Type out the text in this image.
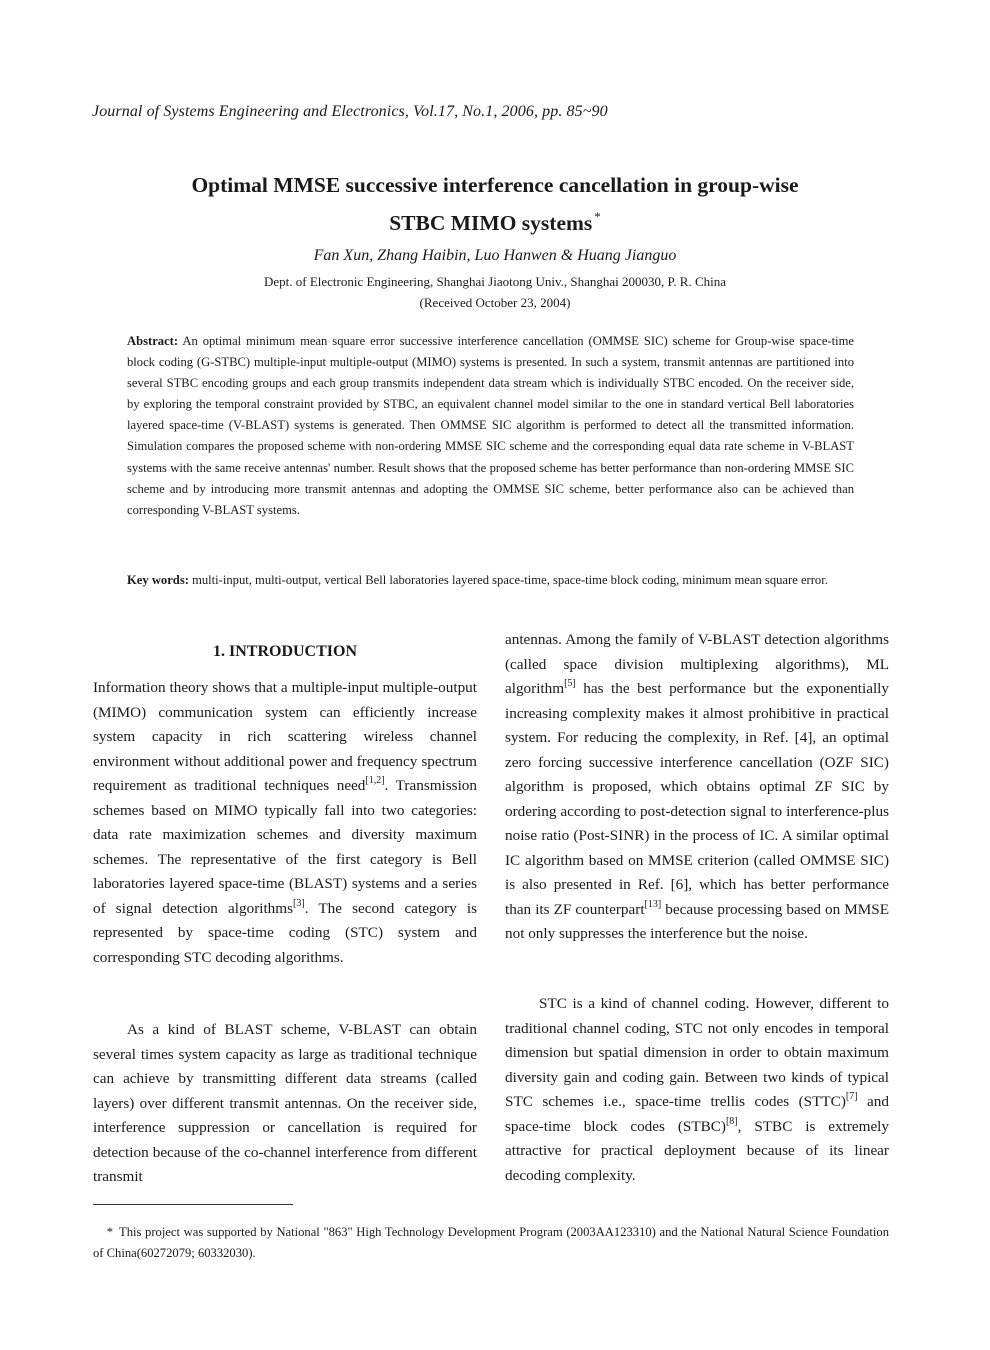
Journal of Systems Engineering and Electronics, Vol.17, No.1, 2006, pp. 85~90
Optimal MMSE successive interference cancellation in group-wise
STBC MIMO systems *
Fan Xun, Zhang Haibin, Luo Hanwen & Huang Jianguo
Dept. of Electronic Engineering, Shanghai Jiaotong Univ., Shanghai 200030, P. R. China
(Received October 23, 2004)

Abstract: An optimal minimum mean square error successive interference cancellation (OMMSE SIC) scheme for Group-wise space-time block coding (G-STBC) multiple-input multiple-output (MIMO) systems is presented. In such a system, transmit antennas are partitioned into several STBC encoding groups and each group transmits independent data stream which is individually STBC encoded. On the receiver side, by exploring the temporal constraint provided by STBC, an equivalent channel model similar to the one in standard vertical Bell laboratories layered space-time (V-BLAST) systems is generated. Then OMMSE SIC algorithm is performed to detect all the transmitted information. Simulation compares the proposed scheme with non-ordering MMSE SIC scheme and the corresponding equal data rate scheme in V-BLAST systems with the same receive antennas' number. Result shows that the proposed scheme has better performance than non-ordering MMSE SIC scheme and by introducing more transmit antennas and adopting the OMMSE SIC scheme, better performance also can be achieved than corresponding V-BLAST systems.

Key words: multi-input, multi-output, vertical Bell laboratories layered space-time, space-time block coding, minimum mean square error.

1. INTRODUCTION

Information theory shows that a multiple-input multiple-output (MIMO) communication system can efficiently increase system capacity in rich scattering wireless channel environment without additional power and frequency spectrum requirement as traditional techniques need[1,2]. Transmission schemes based on MIMO typically fall into two categories: data rate maximization schemes and diversity maximum schemes. The representative of the first category is Bell laboratories layered space-time (BLAST) systems and a series of signal detection algorithms[3]. The second category is represented by space-time coding (STC) system and corresponding STC decoding algorithms.

As a kind of BLAST scheme, V-BLAST can obtain several times system capacity as large as traditional technique can achieve by transmitting different data streams (called layers) over different transmit antennas. On the receiver side, interference suppression or cancellation is required for detection because of the co-channel interference from different transmit

antennas. Among the family of V-BLAST detection algorithms (called space division multiplexing algorithms), ML algorithm[5] has the best performance but the exponentially increasing complexity makes it almost prohibitive in practical system. For reducing the complexity, in Ref. [4], an optimal zero forcing successive interference cancellation (OZF SIC) algorithm is proposed, which obtains optimal ZF SIC by ordering according to post-detection signal to interference-plus noise ratio (Post-SINR) in the process of IC. A similar optimal IC algorithm based on MMSE criterion (called OMMSE SIC) is also presented in Ref. [6], which has better performance than its ZF counterpart[13] because processing based on MMSE not only suppresses the interference but the noise.

STC is a kind of channel coding. However, different to traditional channel coding, STC not only encodes in temporal dimension but spatial dimension in order to obtain maximum diversity gain and coding gain. Between two kinds of typical STC schemes i.e., space-time trellis codes (STTC)[7] and space-time block codes (STBC)[8], STBC is extremely attractive for practical deployment because of its linear decoding complexity.

* This project was supported by National "863" High Technology Development Program (2003AA123310) and the National Natural Science Foundation of China(60272079; 60332030).
